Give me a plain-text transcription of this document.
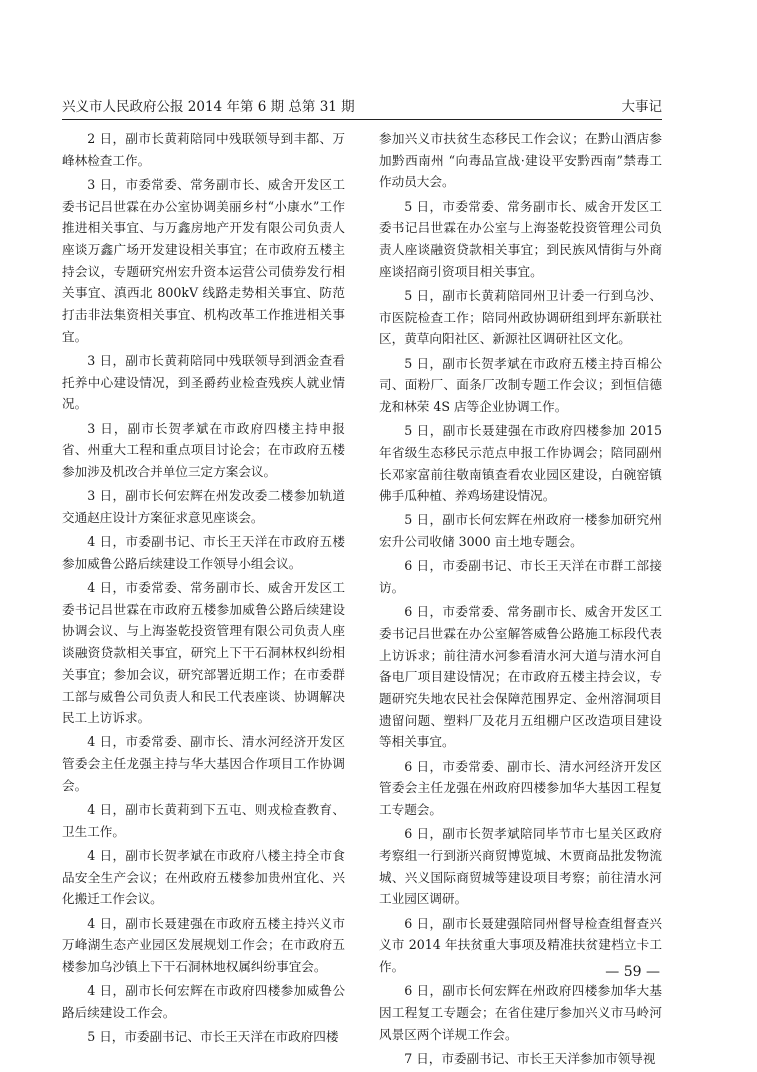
兴义市人民政府公报 2014 年第 6 期 总第 31 期	大事记

2 日，副市长黄莉陪同中残联领导到丰都、万峰林检查工作。

3 日，市委常委、常务副市长、威舍开发区工委书记吕世霖在办公室协调美丽乡村“小康水”工作推进相关事宜、与万鑫房地产开发有限公司负责人座谈万鑫广场开发建设相关事宜；在市政府五楼主持会议，专题研究州宏升资本运营公司债券发行相关事宜、滇西北 800kV 线路走势相关事宜、防范打击非法集资相关事宜、机构改革工作推进相关事宜。

3 日，副市长黄莉陪同中残联领导到洒金查看托养中心建设情况，到圣爵药业检查残疾人就业情况。

3 日，副市长贺孝斌在市政府四楼主持申报省、州重大工程和重点项目讨论会；在市政府五楼参加涉及机改合并单位三定方案会议。

3 日，副市长何宏辉在州发改委二楼参加轨道交通赵庄设计方案征求意见座谈会。

4 日，市委副书记、市长王天洋在市政府五楼参加威鲁公路后续建设工作领导小组会议。

4 日，市委常委、常务副市长、威舍开发区工委书记吕世霖在市政府五楼参加威鲁公路后续建设协调会议、与上海崟乾投资管理有限公司负责人座谈融资贷款相关事宜，研究上下干石洞林权纠纷相关事宜；参加会议，研究部署近期工作；在市委群工部与威鲁公司负责人和民工代表座谈、协调解决民工上访诉求。

4 日，市委常委、副市长、清水河经济开发区管委会主任龙强主持与华大基因合作项目工作协调会。

4 日，副市长黄莉到下五屯、则戎检查教育、卫生工作。

4 日，副市长贺孝斌在市政府八楼主持全市食品安全生产会议；在州政府五楼参加贵州宜化、兴化搬迁工作会议。

4 日，副市长聂建强在市政府五楼主持兴义市万峰湖生态产业园区发展规划工作会；在市政府五楼参加乌沙镇上下干石洞林地权属纠纷事宜会。

4 日，副市长何宏辉在市政府四楼参加威鲁公路后续建设工作会。

5 日，市委副书记、市长王天洋在市政府四楼

参加兴义市扶贫生态移民工作会议；在黔山酒店参加黔西南州 “向毒品宣战·建设平安黔西南”禁毒工作动员大会。

5 日，市委常委、常务副市长、威舍开发区工委书记吕世霖在办公室与上海崟乾投资管理公司负责人座谈融资贷款相关事宜；到民族风情街与外商座谈招商引资项目相关事宜。

5 日，副市长黄莉陪同州卫计委一行到乌沙、市医院检查工作；陪同州政协调研组到坪东新联社区，黄草向阳社区、新源社区调研社区文化。

5 日，副市长贺孝斌在市政府五楼主持百棉公司、面粉厂、面条厂改制专题工作会议；到恒信德龙和林荣 4S 店等企业协调工作。

5 日，副市长聂建强在市政府四楼参加 2015 年省级生态移民示范点申报工作协调会；陪同副州长邓家富前往敬南镇查看农业园区建设，白碗窑镇佛手瓜种植、养鸡场建设情况。

5 日，副市长何宏辉在州政府一楼参加研究州宏升公司收储 3000 亩土地专题会。

6 日，市委副书记、市长王天洋在市群工部接访。

6 日，市委常委、常务副市长、威舍开发区工委书记吕世霖在办公室解答威鲁公路施工标段代表上访诉求；前往清水河参看清水河大道与清水河自备电厂项目建设情况；在市政府五楼主持会议，专题研究失地农民社会保障范围界定、金州溶洞项目遗留问题、塑料厂及花月五组棚户区改造项目建设等相关事宜。

6 日，市委常委、副市长、清水河经济开发区管委会主任龙强在州政府四楼参加华大基因工程复工专题会。

6 日，副市长贺孝斌陪同毕节市七星关区政府考察组一行到浙兴商贸博览城、木贾商品批发物流城、兴义国际商贸城等建设项目考察；前往清水河工业园区调研。

6 日，副市长聂建强陪同州督导检查组督查兴义市 2014 年扶贫重大事项及精准扶贫建档立卡工作。

6 日，副市长何宏辉在州政府四楼参加华大基因工程复工专题会；在省住建厅参加兴义市马岭河风景区两个详规工作会。

7 日，市委副书记、市长王天洋参加市领导视

— 59 —
